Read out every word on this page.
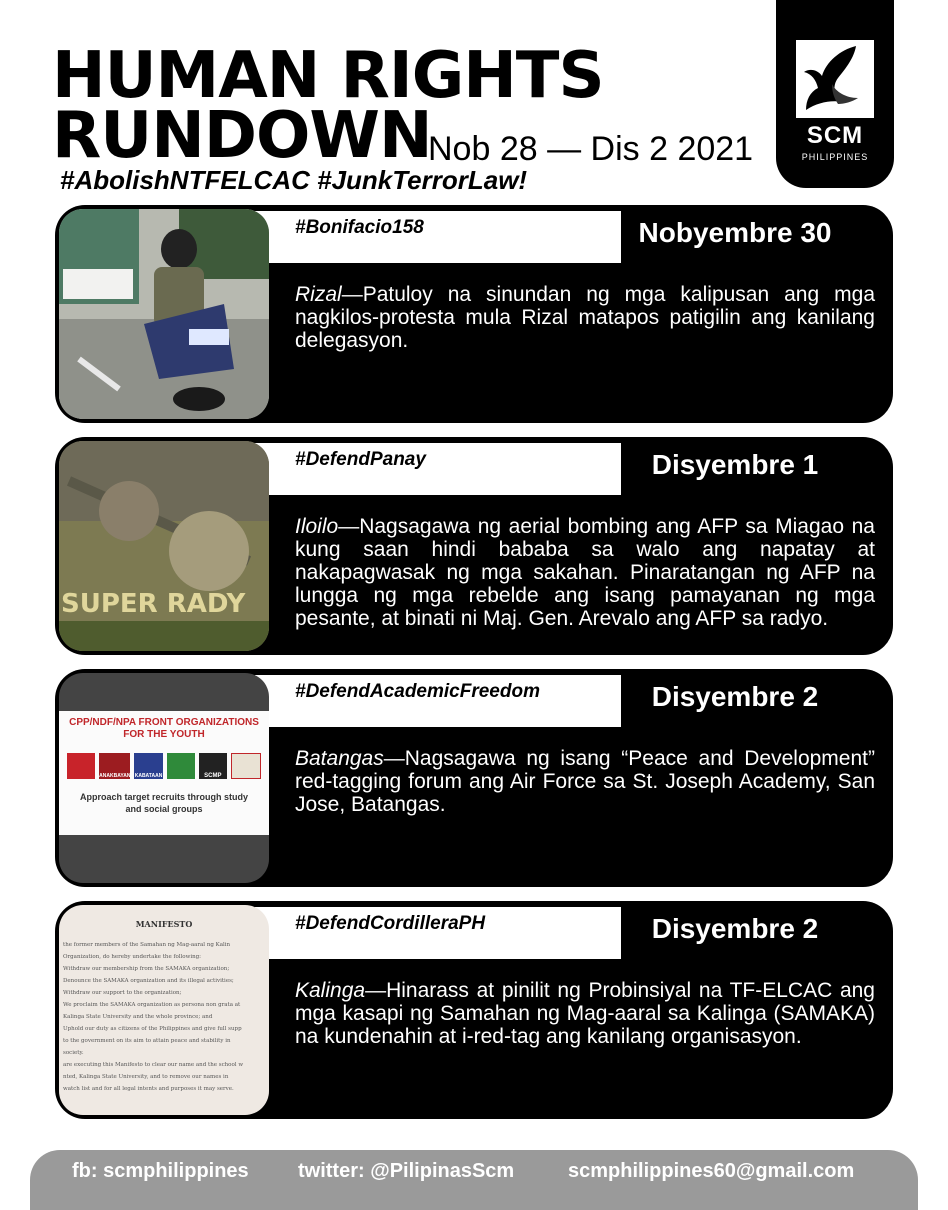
HUMAN RIGHTS
RUNDOWN
Nob 28 — Dis 2 2021
#AbolishNTFELCAC #JunkTerrorLaw!
SCM
PHILIPPINES
#Bonifacio158	Nobyembre 30
Rizal—Patuloy na sinundan ng mga kalipusan ang mga nagkilos-protesta mula Rizal matapos patigilin ang kanilang delegasyon.
#DefendPanay	Disyembre 1
SUPER RADY
Iloilo—Nagsagawa ng aerial bombing ang AFP sa Miagao na kung saan hindi bababa sa walo ang napatay at nakapagwasak ng mga sakahan. Pinaratangan ng AFP na lungga ng mga rebelde ang isang pamayanan ng mga pesante, at binati ni Maj. Gen. Arevalo ang AFP sa radyo.
#DefendAcademicFreedom	Disyembre 2
CPP/NDF/NPA FRONT ORGANIZATIONS FOR THE YOUTH
ANAKBAYAN KABATAAN	SCMP
Approach target recruits through study and social groups
Batangas—Nagsagawa ng isang “Peace and Development” red-tagging forum ang Air Force sa St. Joseph Academy, San Jose, Batangas.
#DefendCordilleraPH	Disyembre 2
MANIFESTO
the former members of the Samahan ng Mag-aaral ng Kalin
Organization, do hereby undertake the following:
Withdraw our membership from the SAMAKA organization;
Denounce the SAMAKA organization and its illegal activities;
Withdraw our support to the organization;
We proclaim the SAMAKA organization as persona non grata at
Kalinga State University and the whole province; and
Uphold our duty as citizens of the Philippines and give full supp
to the government on its aim to attain peace and stability in
society.
are executing this Manifesto to clear our name and the school w
nted, Kalinga State University, and to remove our names in
watch list and for all legal intents and purposes it may serve.
Kalinga—Hinarass at pinilit ng Probinsiyal na TF-ELCAC ang mga kasapi ng Samahan ng Mag-aaral sa Kalinga (SAMAKA) na kundenahin at i-red-tag ang kanilang organisasyon.
fb: scmphilippines twitter: @PilipinasScm	scmphilippines60@gmail.com
